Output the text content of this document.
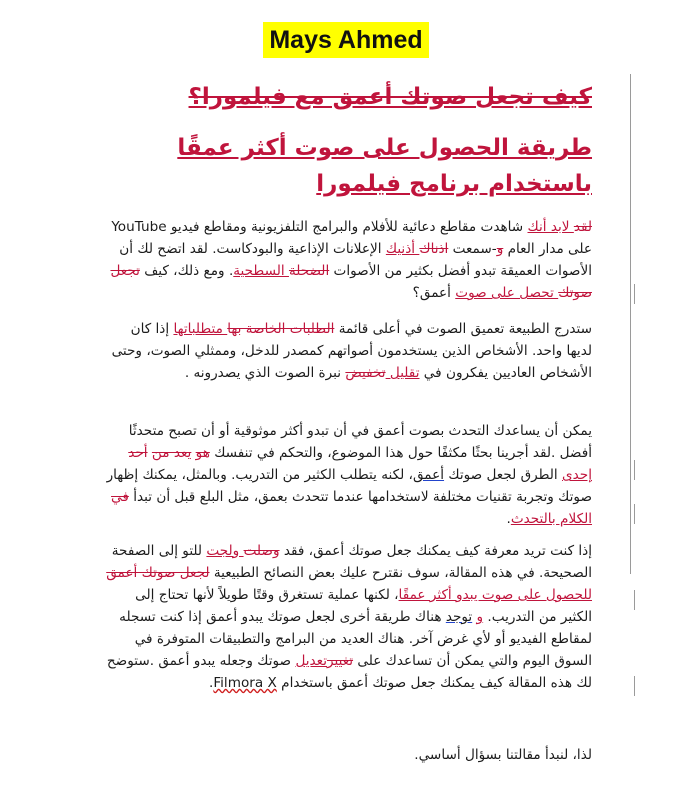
Mays Ahmed
كيف تجعل صوتك أعمق مع فيلمورا؟
طريقة الحصول على صوت أكثر عمقًا باستخدام برنامج فيلمورا

لقد لابد أنك شاهدت مقاطع دعائية للأفلام والبرامج التلفزيونية ومقاطع فيديو YouTube على مدار العام و-سمعت اذناك أذنيك الإعلانات الإذاعية والبودكاست. لقد اتضح لك أن الأصوات العميقة تبدو أفضل بكثير من الأصوات الضحلة السطحية. ومع ذلك، كيف تجعل صوتك تحصل على صوت أعمق؟

ستدرج الطبيعة تعميق الصوت في أعلى قائمة الطلبات الخاصة بها متطلباتها إذا كان لديها واحد. الأشخاص الذين يستخدمون أصواتهم كمصدر للدخل، وممثلي الصوت، وحتى الأشخاص العاديين يفكرون في تقليل تخفيض نبرة الصوت الذي يصدرونه .

يمكن أن يساعدك التحدث بصوت أعمق في أن تبدو أكثر موثوقية أو أن تصبح متحدثًا أفضل .لقد أجرينا بحثًا مكثفًا حول هذا الموضوع، والتحكم في تنفسك هو يعد من أحد إحدى الطرق لجعل صوتك أعمق، لكنه يتطلب الكثير من التدريب. وبالمثل، يمكنك إظهار صوتك وتجربة تقنيات مختلفة لاستخدامها عندما تتحدث بعمق، مثل البلع قبل أن تبدأ في الكلام بالتحدث.

إذا كنت تريد معرفة كيف يمكنك جعل صوتك أعمق، فقد وصلت ولجت للتو إلى الصفحة الصحيحة. في هذه المقالة، سوف نقترح عليك بعض النصائح الطبيعية لجعل صوتك أعمق للحصول على صوت يبدو أكثر عمقًا، لكنها عملية تستغرق وقتًا طويلاً لأنها تحتاج إلى الكثير من التدريب. و توجد هناك طريقة أخرى لجعل صوتك يبدو أعمق إذا كنت تسجله لمقاطع الفيديو أو لأي غرض آخر. هناك العديد من البرامج والتطبيقات المتوفرة في السوق اليوم والتي يمكن أن تساعدك على تغييرتعديل صوتك وجعله يبدو أعمق .ستوضح لك هذه المقالة كيف يمكنك جعل صوتك أعمق باستخدام Filmora X.

لذا، لنبدأ مقالتنا بسؤال أساسي.
